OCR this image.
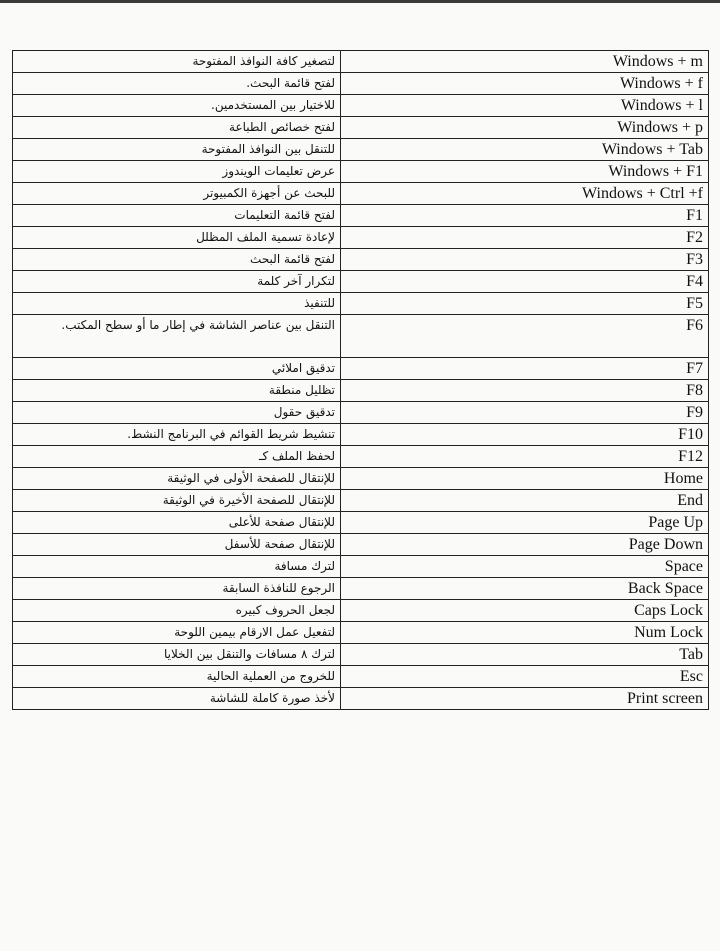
لتصغير كافة النوافذ المفتوحة	Windows + m
لفتح قائمة البحث.	Windows + f
للاختيار بين المستخدمين.	Windows + l
لفتح خصائص الطباعة	Windows + p
للتنقل بين النوافذ المفتوحة	Windows + Tab
عرض تعليمات الويندوز	Windows + F1
للبحث عن أجهزة الكمبيوتر	Windows + Ctrl +f
لفتح قائمة التعليمات	F1
لإعادة تسمية الملف المظلل	F2
لفتح قائمة البحث	F3
لتكرار آخر كلمة	F4
للتنفيذ	F5
التنقل بين عناصر الشاشة في إطار ما أو سطح المكتب.	F6
تدقيق املائي	F7
تظليل منطقة	F8
تدقيق حقول	F9
تنشيط شريط القوائم في البرنامج النشط.	F10
لحفظ الملف كـ	F12
للإنتقال للصفحة الأولى في الوثيقة	Home
للإنتقال للصفحة الأخيرة في الوثيقة	End
للإنتقال صفحة للأعلى	Page Up
للإنتقال صفحة للأسفل	Page Down
لترك مسافة	Space
الرجوع للنافذة السابقة	Back Space
لجعل الحروف كبيره	Caps Lock
لتفعيل عمل الارقام بيمين اللوحة	Num Lock
لترك ٨ مسافات والتنقل بين الخلايا	Tab
للخروج من العملية الحالية	Esc
لأخذ صورة كاملة للشاشة	Print screen
